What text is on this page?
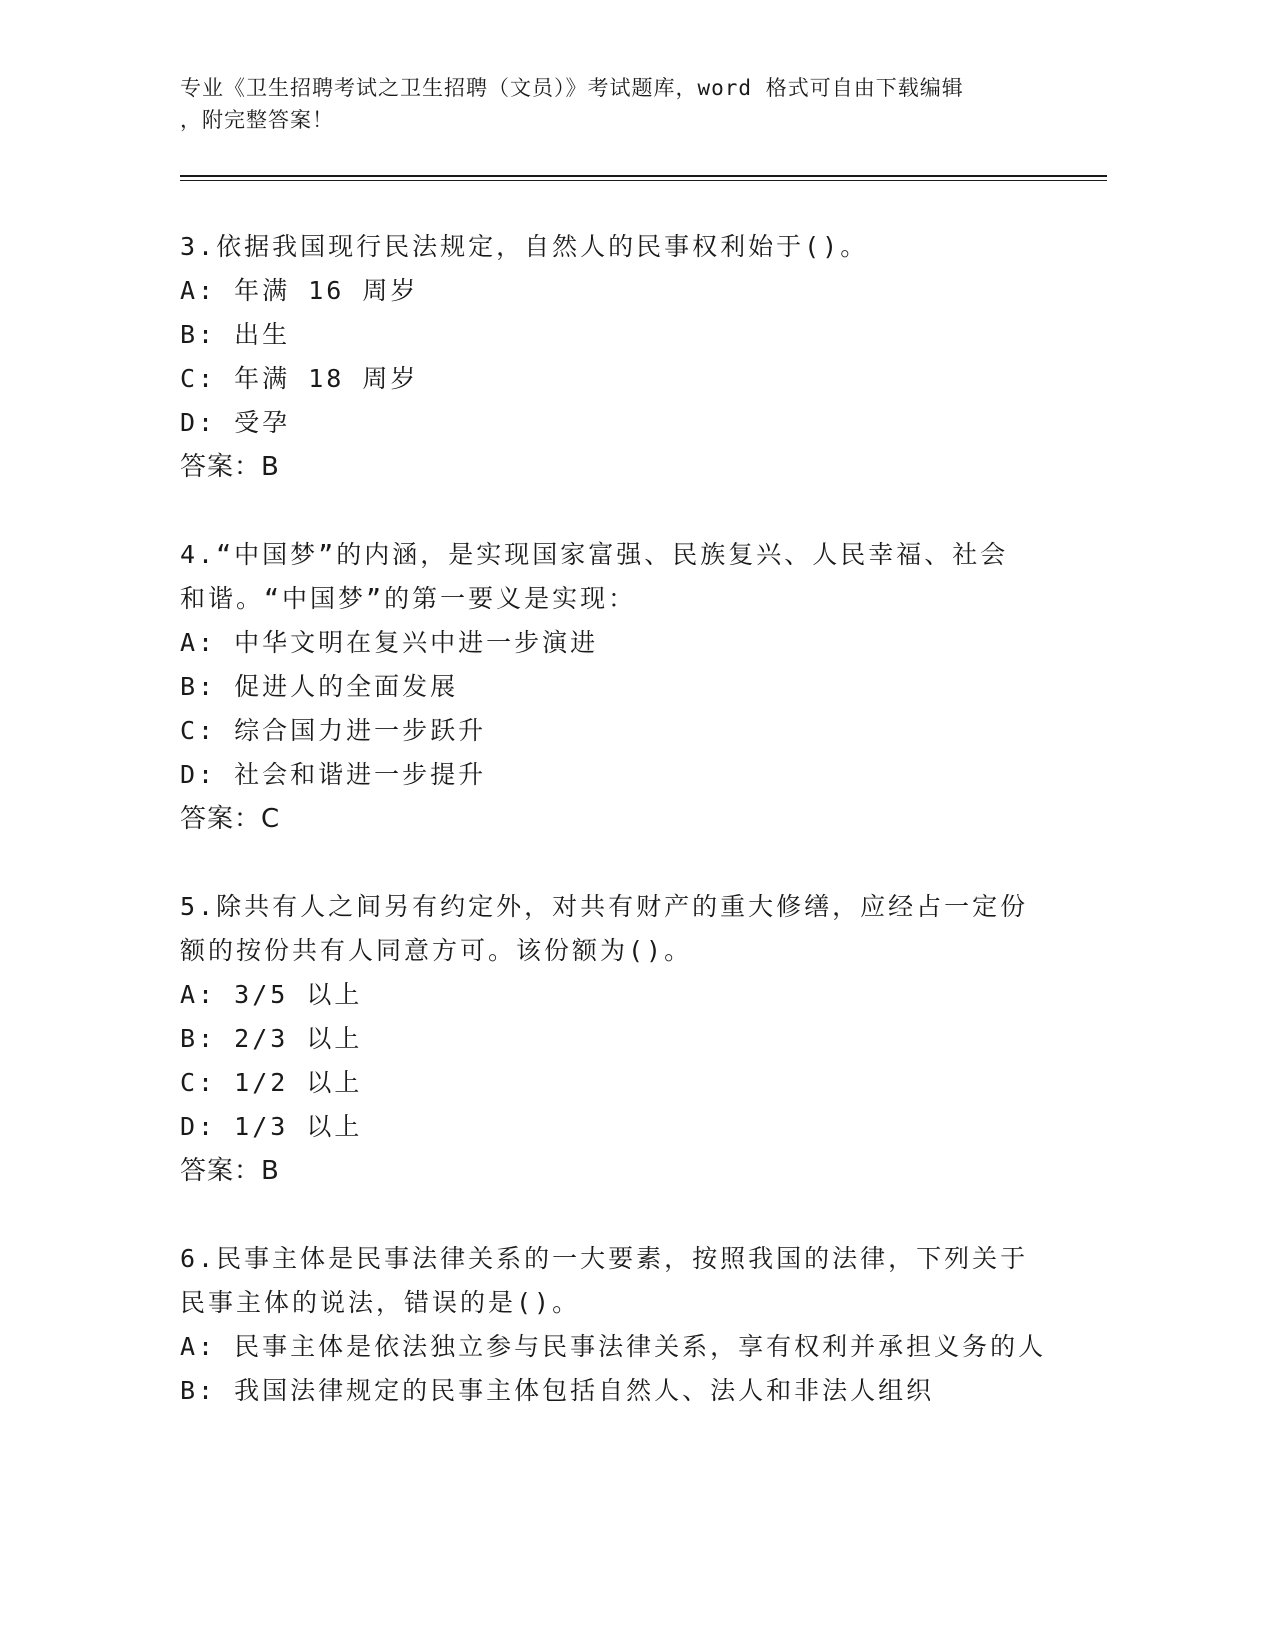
专业《卫生招聘考试之卫生招聘（文员）》考试题库，word 格式可自由下载编辑
，附完整答案！
3.依据我国现行民法规定，自然人的民事权利始于()。
A: 年满 16 周岁
B: 出生
C: 年满 18 周岁
D: 受孕
答案：B
4.“中国梦”的内涵，是实现国家富强、民族复兴、人民幸福、社会
和谐。“中国梦”的第一要义是实现：
A: 中华文明在复兴中进一步演进
B: 促进人的全面发展
C: 综合国力进一步跃升
D: 社会和谐进一步提升
答案：C
5.除共有人之间另有约定外，对共有财产的重大修缮，应经占一定份
额的按份共有人同意方可。该份额为()。
A: 3/5 以上
B: 2/3 以上
C: 1/2 以上
D: 1/3 以上
答案：B
6.民事主体是民事法律关系的一大要素，按照我国的法律，下列关于
民事主体的说法，错误的是()。
A: 民事主体是依法独立参与民事法律关系，享有权利并承担义务的人
B: 我国法律规定的民事主体包括自然人、法人和非法人组织
